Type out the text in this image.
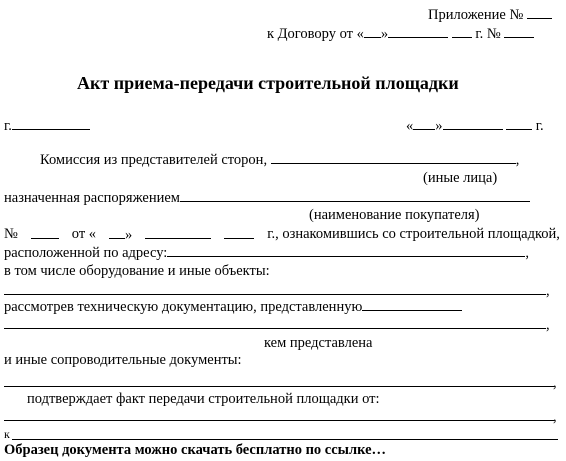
Приложение №
к Договору от « »	г. №
Акт приема-передачи строительной площадки
г.	« »	г.
Комиссия из представителей сторон,	,
(иные лица)
назначенная распоряжением
(наименование покупателя)
№	от «	»	г., ознакомившись со строительной площадкой,
расположенной по адресу:	,
в том числе оборудование и иные объекты:
,
рассмотрев техническую документацию, представленную
,
кем представлена
и иные сопроводительные документы:
,
подтверждает факт передачи строительной площадки от:
,
к
Образец документа можно скачать бесплатно по ссылке…
